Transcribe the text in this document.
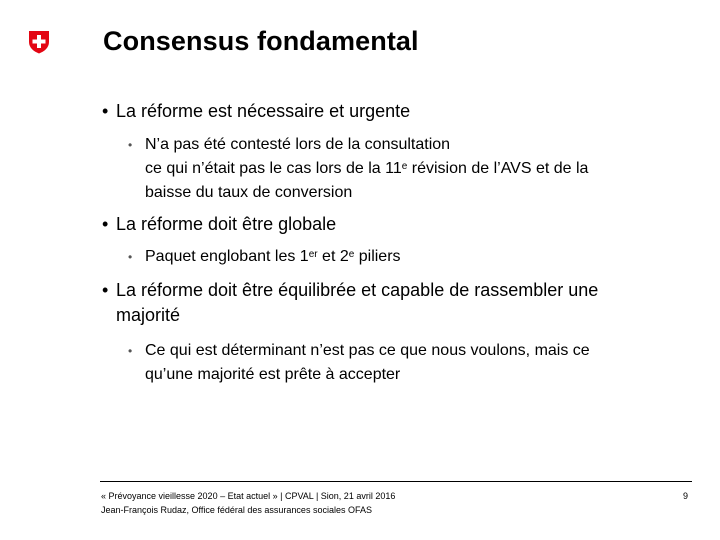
Consensus fondamental
• La réforme est nécessaire et urgente
• N’a pas été contesté lors de la consultation
ce qui n’était pas le cas lors de la 11e révision de l’AVS et de la
baisse du taux de conversion
• La réforme doit être globale
• Paquet englobant les 1er et 2e piliers
• La réforme doit être équilibrée et capable de rassembler une
majorité
• Ce qui est déterminant n’est pas ce que nous voulons, mais ce
qu’une majorité est prête à accepter
« Prévoyance vieillesse 2020 – Etat actuel » | CPVAL | Sion, 21 avril 2016
Jean-François Rudaz, Office fédéral des assurances sociales OFAS
9
